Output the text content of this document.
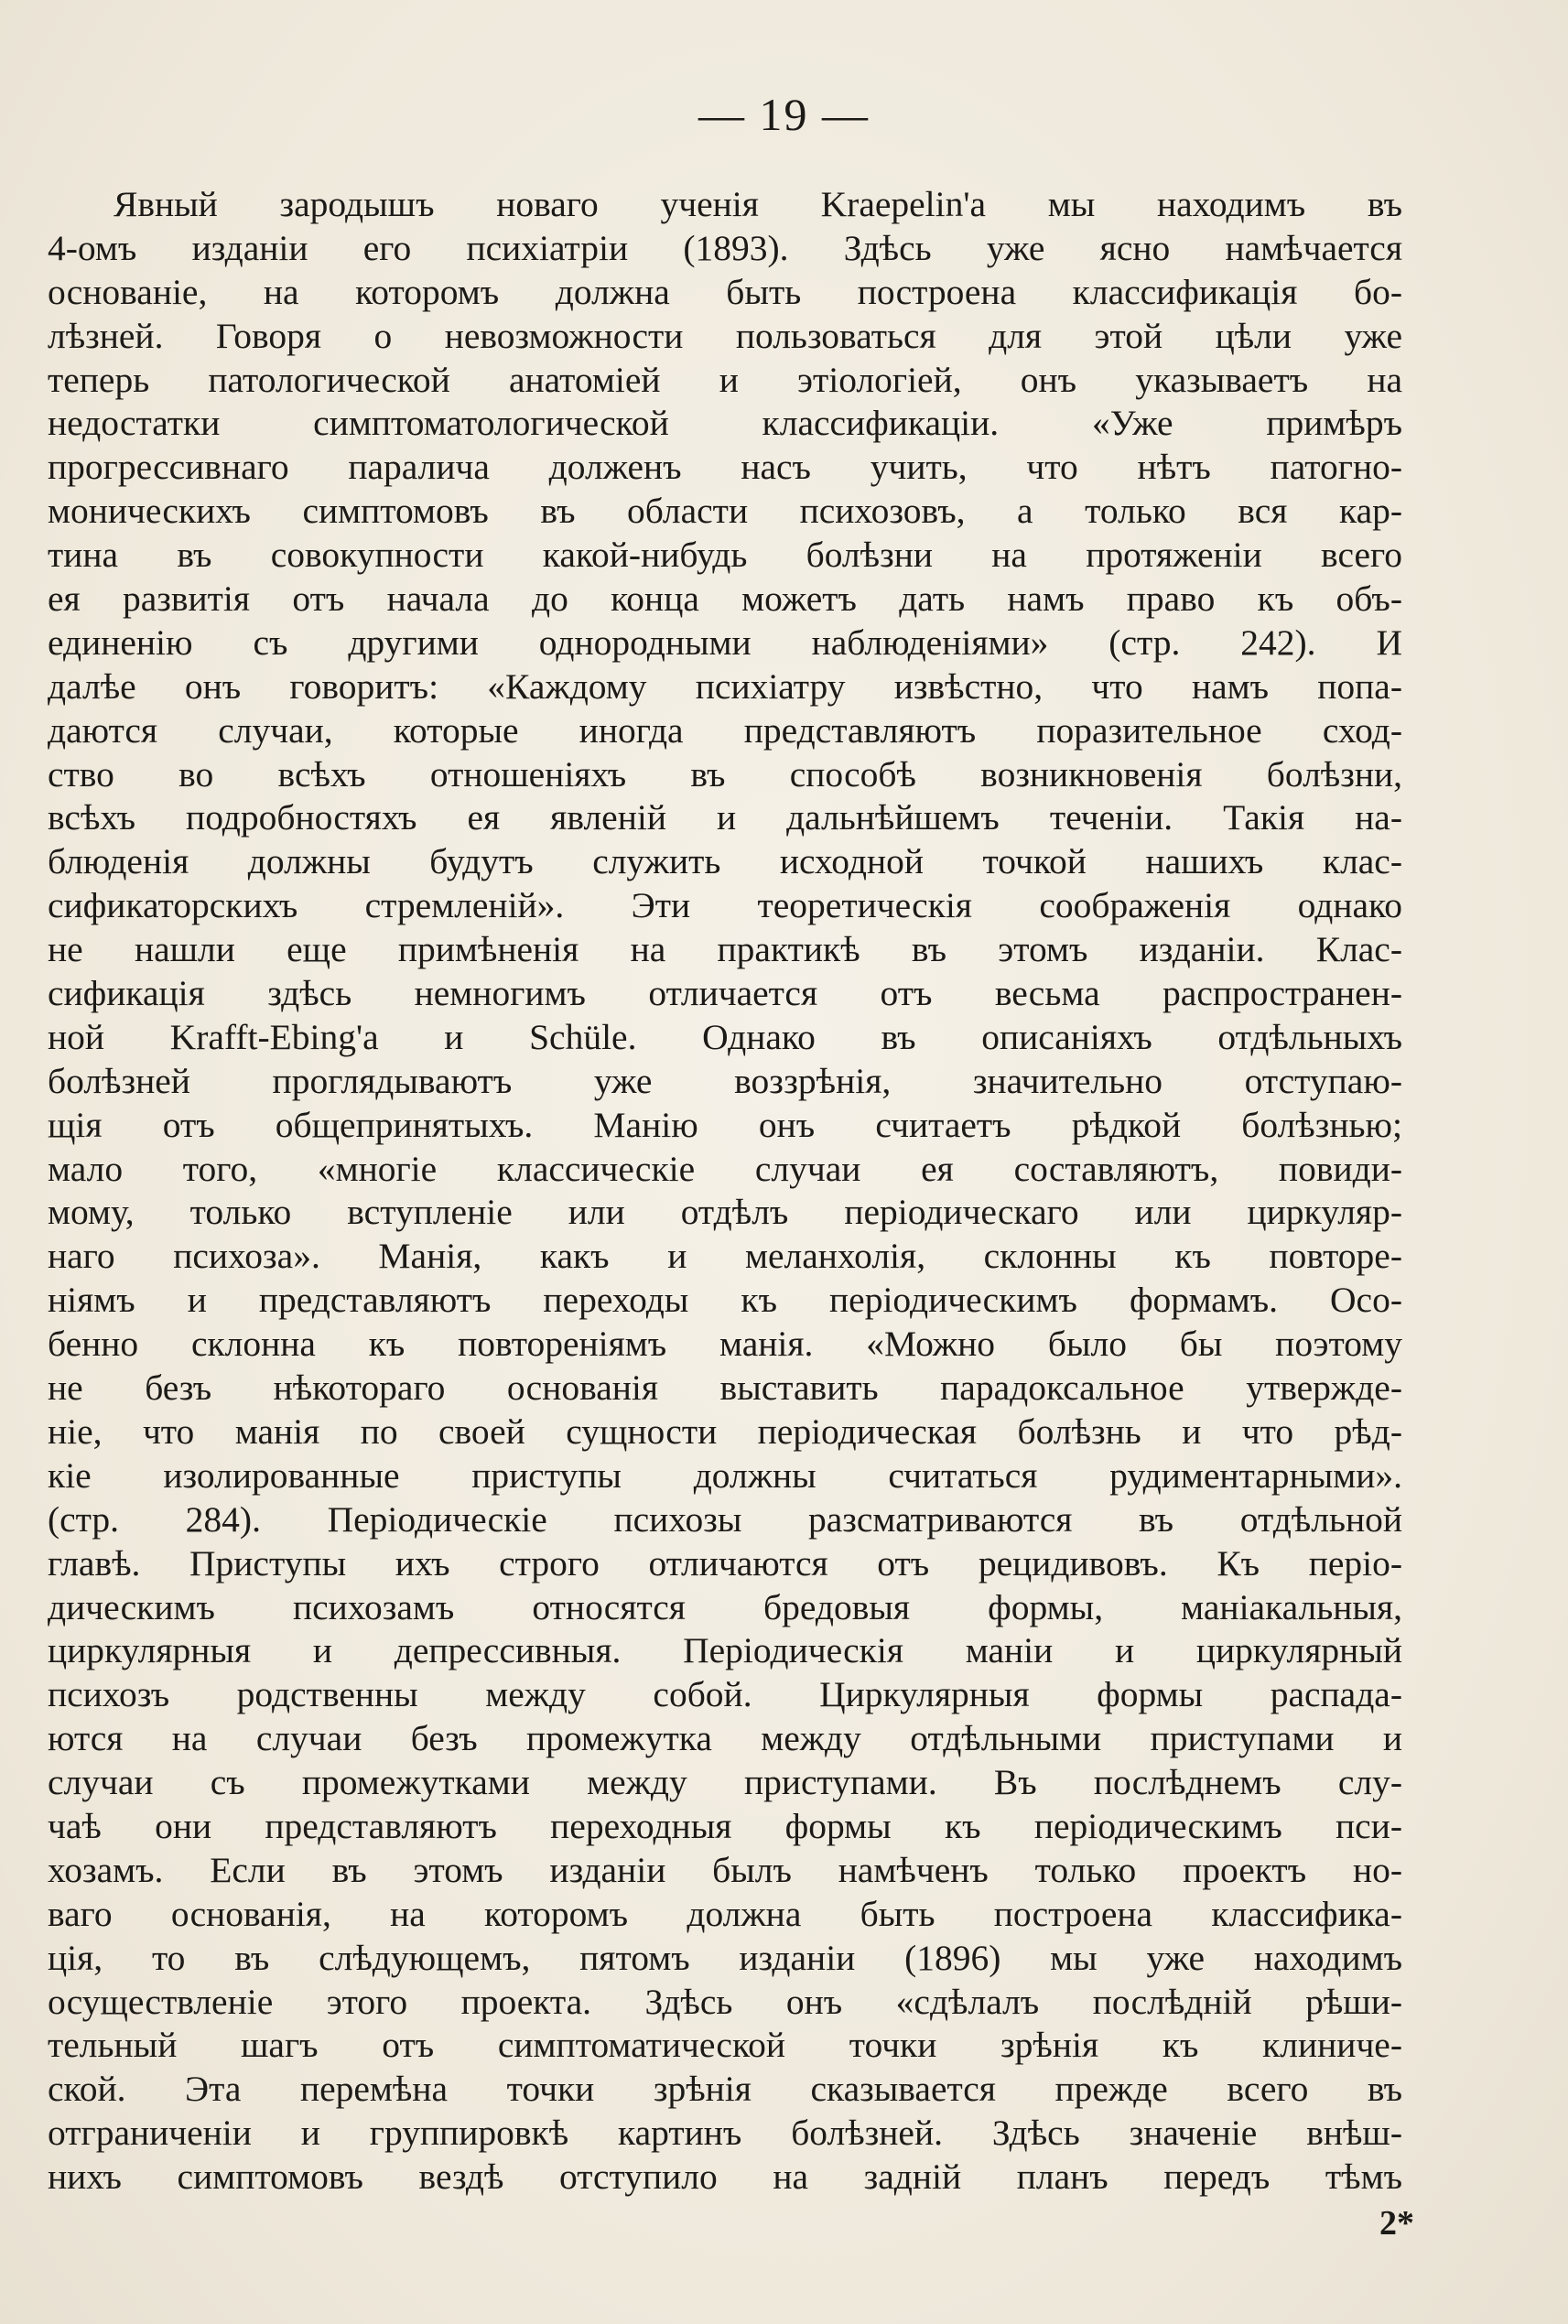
— 19 —
Явный зародышъ новаго ученія Kraepelin'а мы находимъ въ
4-омъ изданіи его психіатріи (1893). Здѣсь уже ясно намѣчается
основаніе, на которомъ должна быть построена классификація бо-
лѣзней. Говоря о невозможности пользоваться для этой цѣли уже
теперь патологической анатоміей и этіологіей, онъ указываетъ на
недостатки симптоматологической классификаціи. «Уже примѣръ
прогрессивнаго паралича долженъ насъ учить, что нѣтъ патогно-
моническихъ симптомовъ въ области психозовъ, а только вся кар-
тина въ совокупности какой-нибудь болѣзни на протяженіи всего
ея развитія отъ начала до конца можетъ дать намъ право къ объ-
единенію съ другими однородными наблюденіями» (стр. 242). И
далѣе онъ говоритъ: «Каждому психіатру извѣстно, что намъ попа-
даются случаи, которые иногда представляютъ поразительное сход-
ство во всѣхъ отношеніяхъ въ способѣ возникновенія болѣзни,
всѣхъ подробностяхъ ея явленій и дальнѣйшемъ теченіи. Такія на-
блюденія должны будутъ служить исходной точкой нашихъ клас-
сификаторскихъ стремленій». Эти теоретическія соображенія однако
не нашли еще примѣненія на практикѣ въ этомъ изданіи. Клас-
сификація здѣсь немногимъ отличается отъ весьма распространен-
ной Krafft-Ebing'а и Schüle. Однако въ описаніяхъ отдѣльныхъ
болѣзней проглядываютъ уже воззрѣнія, значительно отступаю-
щія отъ общепринятыхъ. Манію онъ считаетъ рѣдкой болѣзнью;
мало того, «многіе классическіе случаи ея составляютъ, повиди-
мому, только вступленіе или отдѣлъ періодическаго или циркуляр-
наго психоза». Манія, какъ и меланхолія, склонны къ повторе-
ніямъ и представляютъ переходы къ періодическимъ формамъ. Осо-
бенно склонна къ повтореніямъ манія. «Можно было бы поэтому
не безъ нѣкотораго основанія выставить парадоксальное утвержде-
ніе, что манія по своей сущности періодическая болѣзнь и что рѣд-
кіе изолированные приступы должны считаться рудиментарными».
(стр. 284). Періодическіе психозы разсматриваются въ отдѣльной
главѣ. Приступы ихъ строго отличаются отъ рецидивовъ. Къ періо-
дическимъ психозамъ относятся бредовыя формы, маніакальныя,
циркулярныя и депрессивныя. Періодическія маніи и циркулярный
психозъ родственны между собой. Циркулярныя формы распада-
ются на случаи безъ промежутка между отдѣльными приступами и
случаи съ промежутками между приступами. Въ послѣднемъ слу-
чаѣ они представляютъ переходныя формы къ періодическимъ пси-
хозамъ. Если въ этомъ изданіи былъ намѣченъ только проектъ но-
ваго основанія, на которомъ должна быть построена классифика-
ція, то въ слѣдующемъ, пятомъ изданіи (1896) мы уже находимъ
осуществленіе этого проекта. Здѣсь онъ «сдѣлалъ послѣдній рѣши-
тельный шагъ отъ симптоматической точки зрѣнія къ клиниче-
ской. Эта перемѣна точки зрѣнія сказывается прежде всего въ
отграниченіи и группировкѣ картинъ болѣзней. Здѣсь значеніе внѣш-
нихъ симптомовъ вездѣ отступило на задній планъ передъ тѣмъ
2*
